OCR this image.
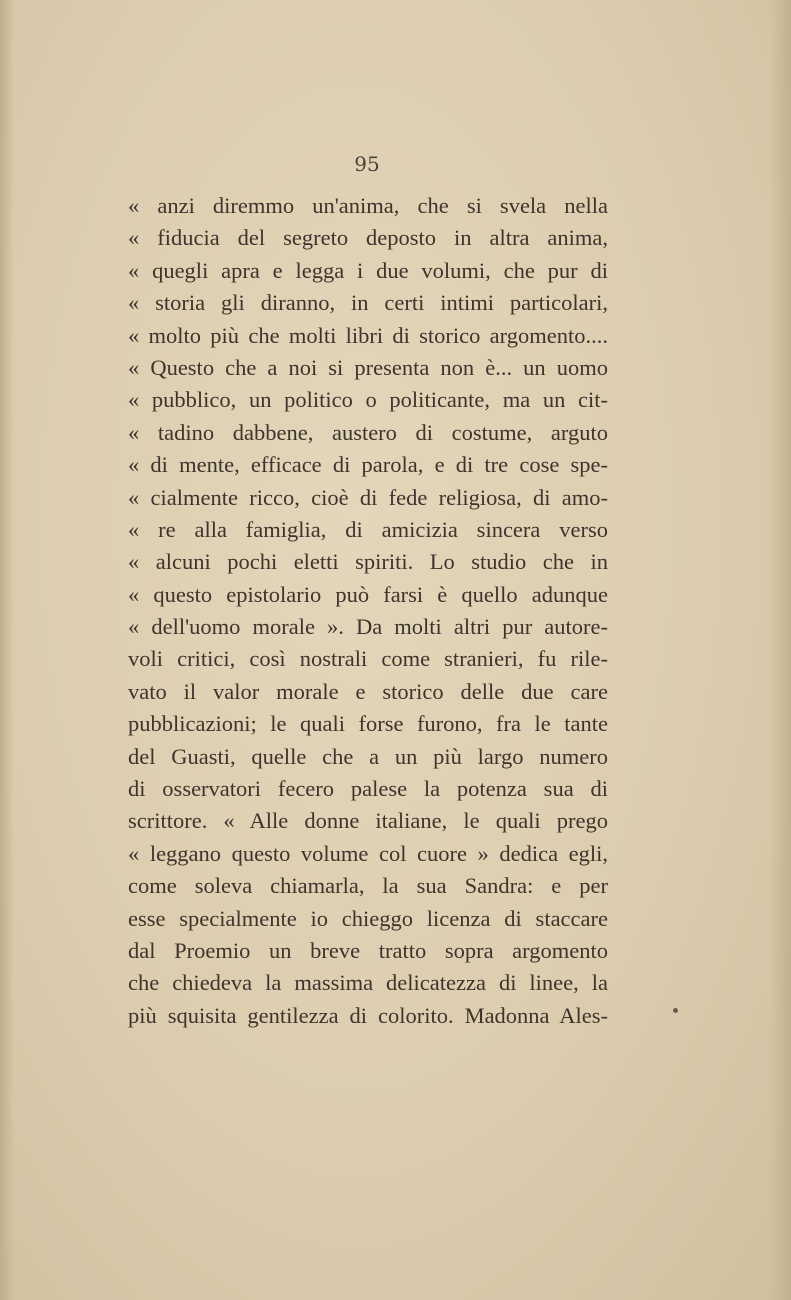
95
« anzi diremmo un'anima, che si svela nella
« fiducia del segreto deposto in altra anima,
« quegli apra e legga i due volumi, che pur di
« storia gli diranno, in certi intimi particolari,
« molto più che molti libri di storico argomento....
« Questo che a noi si presenta non è... un uomo
« pubblico, un politico o politicante, ma un cit-
« tadino dabbene, austero di costume, arguto
« di mente, efficace di parola, e di tre cose spe-
« cialmente ricco, cioè di fede religiosa, di amo-
« re alla famiglia, di amicizia sincera verso
« alcuni pochi eletti spiriti. Lo studio che in
« questo epistolario può farsi è quello adunque
« dell'uomo morale ». Da molti altri pur autore-
voli critici, così nostrali come stranieri, fu rile-
vato il valor morale e storico delle due care
pubblicazioni; le quali forse furono, fra le tante
del Guasti, quelle che a un più largo numero
di osservatori fecero palese la potenza sua di
scrittore. « Alle donne italiane, le quali prego
« leggano questo volume col cuore » dedica egli,
come soleva chiamarla, la sua Sandra: e per
esse specialmente io chieggo licenza di staccare
dal Proemio un breve tratto sopra argomento
che chiedeva la massima delicatezza di linee, la
più squisita gentilezza di colorito. Madonna Ales-
